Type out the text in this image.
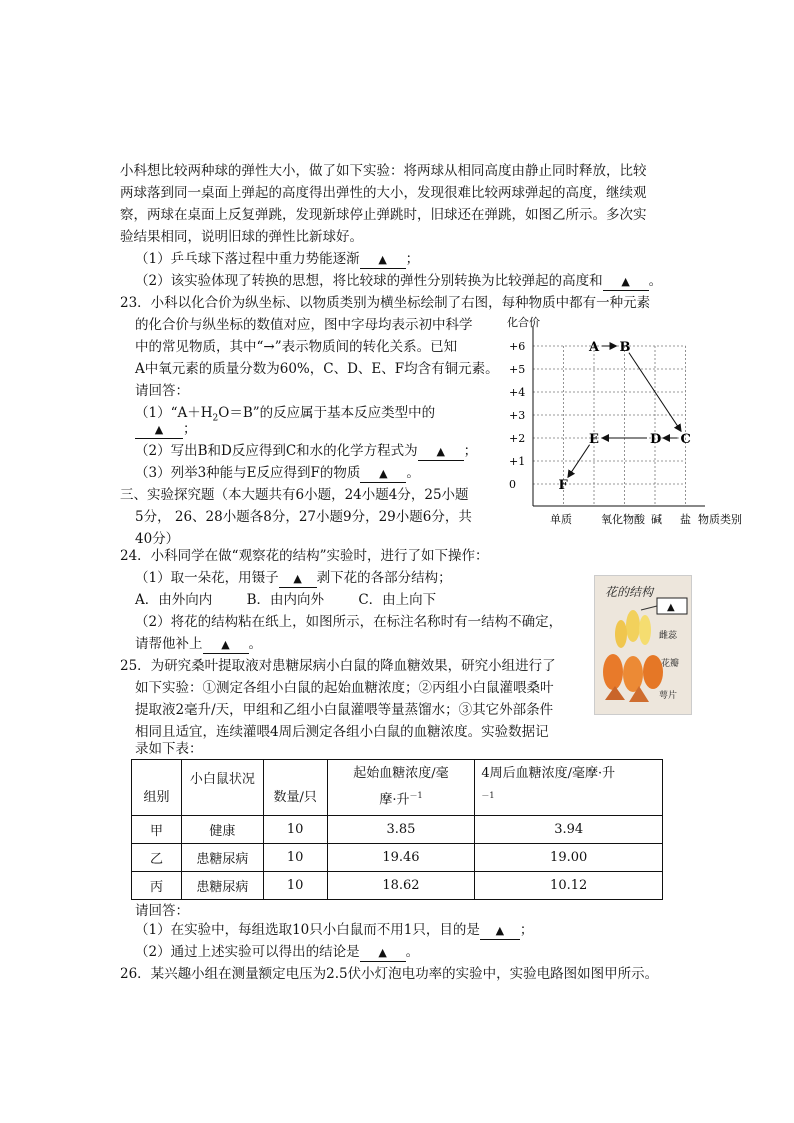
小科想比较两种球的弹性大小，做了如下实验：将两球从相同高度由静止同时释放，比较
两球落到同一桌面上弹起的高度得出弹性的大小，发现很难比较两球弹起的高度，继续观
察，两球在桌面上反复弹跳，发现新球停止弹跳时，旧球还在弹跳，如图乙所示。多次实
验结果相同，说明旧球的弹性比新球好。
（1）乒乓球下落过程中重力势能逐渐 ▲ ；
（2）该实验体现了转换的思想，将比较球的弹性分别转换为比较弹起的高度和 ▲ 。
23．小科以化合价为纵坐标、以物质类别为横坐标绘制了右图，每种物质中都有一种元素
的化合价与纵坐标的数值对应，图中字母均表示初中科学
中的常见物质，其中“→”表示物质间的转化关系。已知
A中氧元素的质量分数为60%，C、D、E、F均含有铜元素。
请回答：
$(1)“A+H_2O=B$”的反应属于基本反应类型中的
▲ ；
（2）写出B和D反应得到C和水的化学方程式为 ▲ ；
（3）列举3种能与E反应得到F的物质 ▲ 。
三、实验探究题（本大题共有6小题，24小题4分，25小题
5分， 26、28小题各8分，27小题9分，29小题6分，共
40分）
化合价
物质类别
+6
+5
+4
+3
+2
+1
0
单质	氧化物酸 碱 盐
A B
C
D
E
F
24．小科同学在做“观察花的结构”实验时，进行了如下操作：
（1）取一朵花，用镊子 ▲ 剥下花的各部分结构；
A．由外向内        B．由内向外        C．由上向下
（2）将花的结构粘在纸上，如图所示，在标注名称时有一结构不确定，
请帮他补上 ▲ 。
花的结构
▲
雌蕊
花瓣
萼片
25．为研究桑叶提取液对患糖尿病小白鼠的降血糖效果，研究小组进行了
如下实验：①测定各组小白鼠的起始血糖浓度；②丙组小白鼠灌喂桑叶
提取液2毫升/天，甲组和乙组小白鼠灌喂等量蒸馏水；③其它外部条件
相同且适宜，连续灌喂4周后测定各组小白鼠的血糖浓度。实验数据记
录如下表：
组别	小白鼠状况	数量/只	起始血糖浓度/毫
摩·升$^{-1}$	4周后血糖浓度/毫摩·升
$^{-1}$
甲	健康	10	3.85	3.94
乙	患糖尿病	10	19.46	19.00
丙	患糖尿病	10	18.62	10.12
请回答：
（1）在实验中，每组选取10只小白鼠而不用1只，目的是 ▲ ；
（2）通过上述实验可以得出的结论是 ▲ 。
26．某兴趣小组在测量额定电压为2.5伏小灯泡电功率的实验中，实验电路图如图甲所示。
